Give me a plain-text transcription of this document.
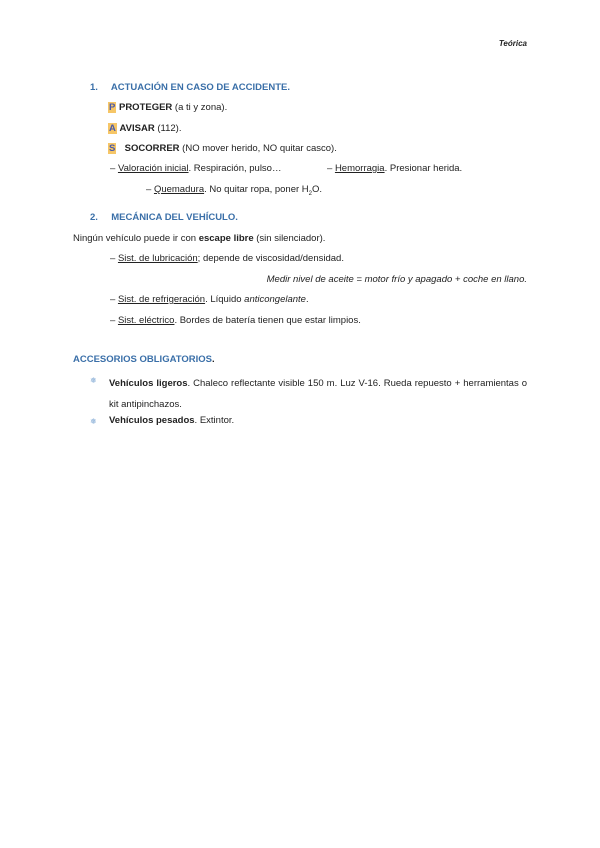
Teórica
1. ACTUACIÓN EN CASO DE ACCIDENTE.
P PROTEGER (a ti y zona).
A AVISAR (112).
S SOCORRER (NO mover herido, NO quitar casco).
– Valoración inicial. Respiración, pulso…	– Hemorragia. Presionar herida.
– Quemadura. No quitar ropa, poner $H_2O$.
2. MECÁNICA DEL VEHÍCULO.
Ningún vehículo puede ir con escape libre (sin silenciador).
– Sist. de lubricación; depende de viscosidad/densidad.
Medir nivel de aceite = motor frío y apagado + coche en llano.
– Sist. de refrigeración. Líquido anticongelante.
– Sist. eléctrico. Bordes de batería tienen que estar limpios.
ACCESORIOS OBLIGATORIOS.
❅ Vehículos ligeros. Chaleco reflectante visible 150 m. Luz V-16. Rueda repuesto + herramientas o kit antipinchazos.
❅ Vehículos pesados. Extintor.
